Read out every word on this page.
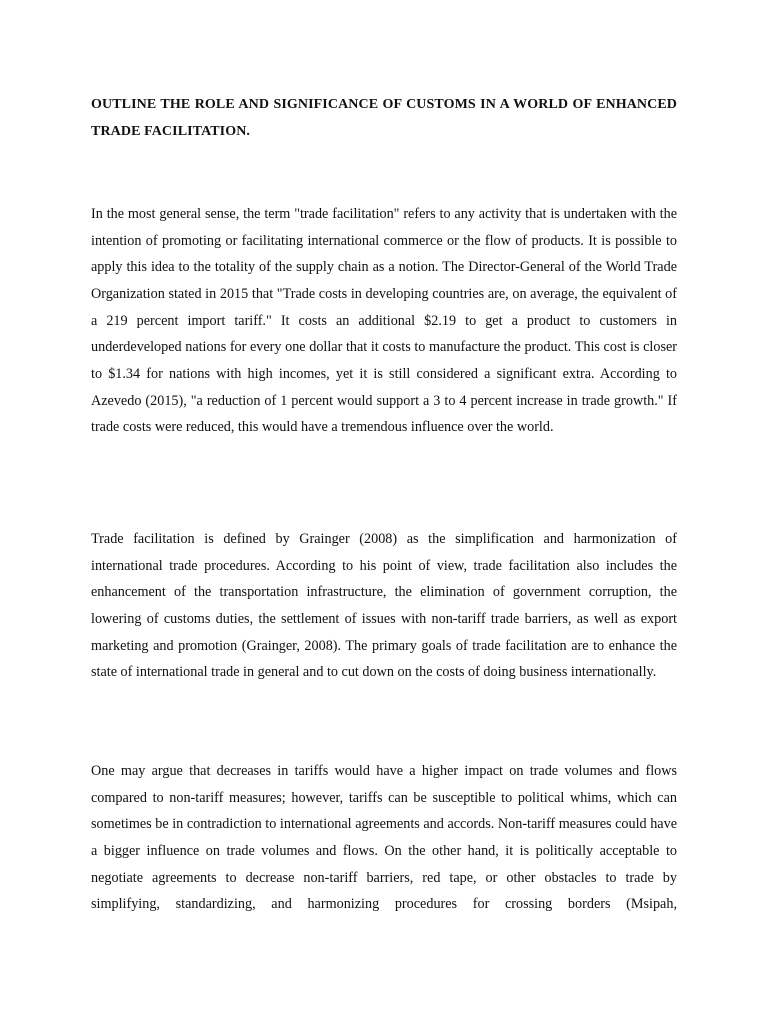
OUTLINE THE ROLE AND SIGNIFICANCE OF CUSTOMS IN A WORLD OF ENHANCED TRADE FACILITATION.

In the most general sense, the term "trade facilitation" refers to any activity that is undertaken with the intention of promoting or facilitating international commerce or the flow of products. It is possible to apply this idea to the totality of the supply chain as a notion. The Director-General of the World Trade Organization stated in 2015 that "Trade costs in developing countries are, on average, the equivalent of a 219 percent import tariff." It costs an additional $2.19 to get a product to customers in underdeveloped nations for every one dollar that it costs to manufacture the product. This cost is closer to $1.34 for nations with high incomes, yet it is still considered a significant extra. According to Azevedo (2015), "a reduction of 1 percent would support a 3 to 4 percent increase in trade growth." If trade costs were reduced, this would have a tremendous influence over the world.

Trade facilitation is defined by Grainger (2008) as the simplification and harmonization of international trade procedures. According to his point of view, trade facilitation also includes the enhancement of the transportation infrastructure, the elimination of government corruption, the lowering of customs duties, the settlement of issues with non-tariff trade barriers, as well as export marketing and promotion (Grainger, 2008). The primary goals of trade facilitation are to enhance the state of international trade in general and to cut down on the costs of doing business internationally.

One may argue that decreases in tariffs would have a higher impact on trade volumes and flows compared to non-tariff measures; however, tariffs can be susceptible to political whims, which can sometimes be in contradiction to international agreements and accords. Non-tariff measures could have a bigger influence on trade volumes and flows. On the other hand, it is politically acceptable to negotiate agreements to decrease non-tariff barriers, red tape, or other obstacles to trade by simplifying, standardizing, and harmonizing procedures for crossing borders (Msipah,
